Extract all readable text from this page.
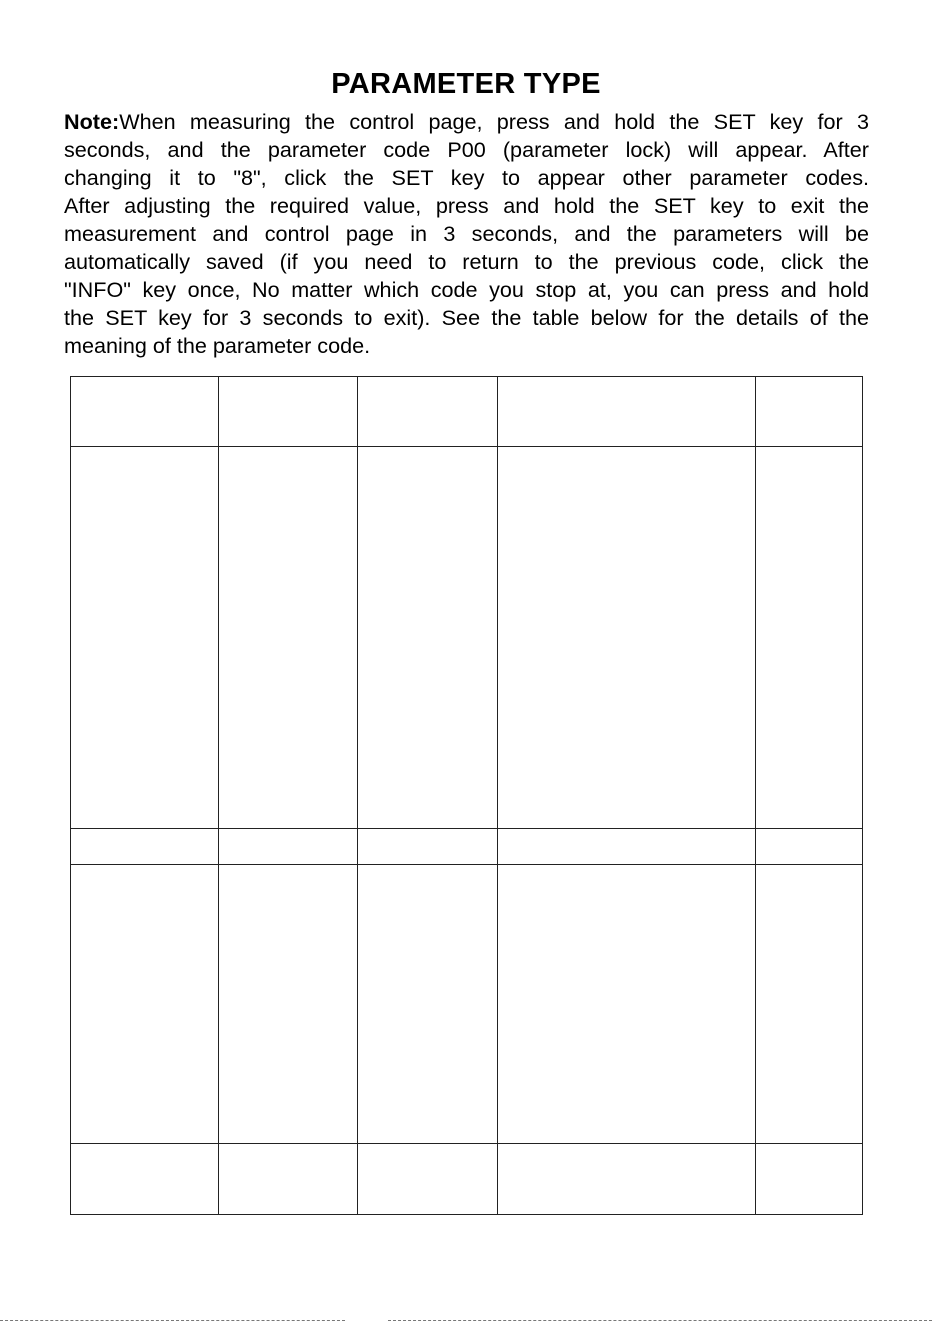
PARAMETER TYPE
Note:When measuring the control page, press and hold the SET key for 3
seconds, and the parameter code P00 (parameter lock) will appear. After
changing it to "8", click the SET key to appear other parameter codes.
After adjusting the required value, press and hold the SET key to exit the
measurement and control page in 3 seconds, and the parameters will be
automatically saved (if you need to return to the previous code, click the
"INFO" key once, No matter which code you stop at, you can press and hold
the SET key for 3 seconds to exit). See the table below for the details of the
meaning of the parameter code.
